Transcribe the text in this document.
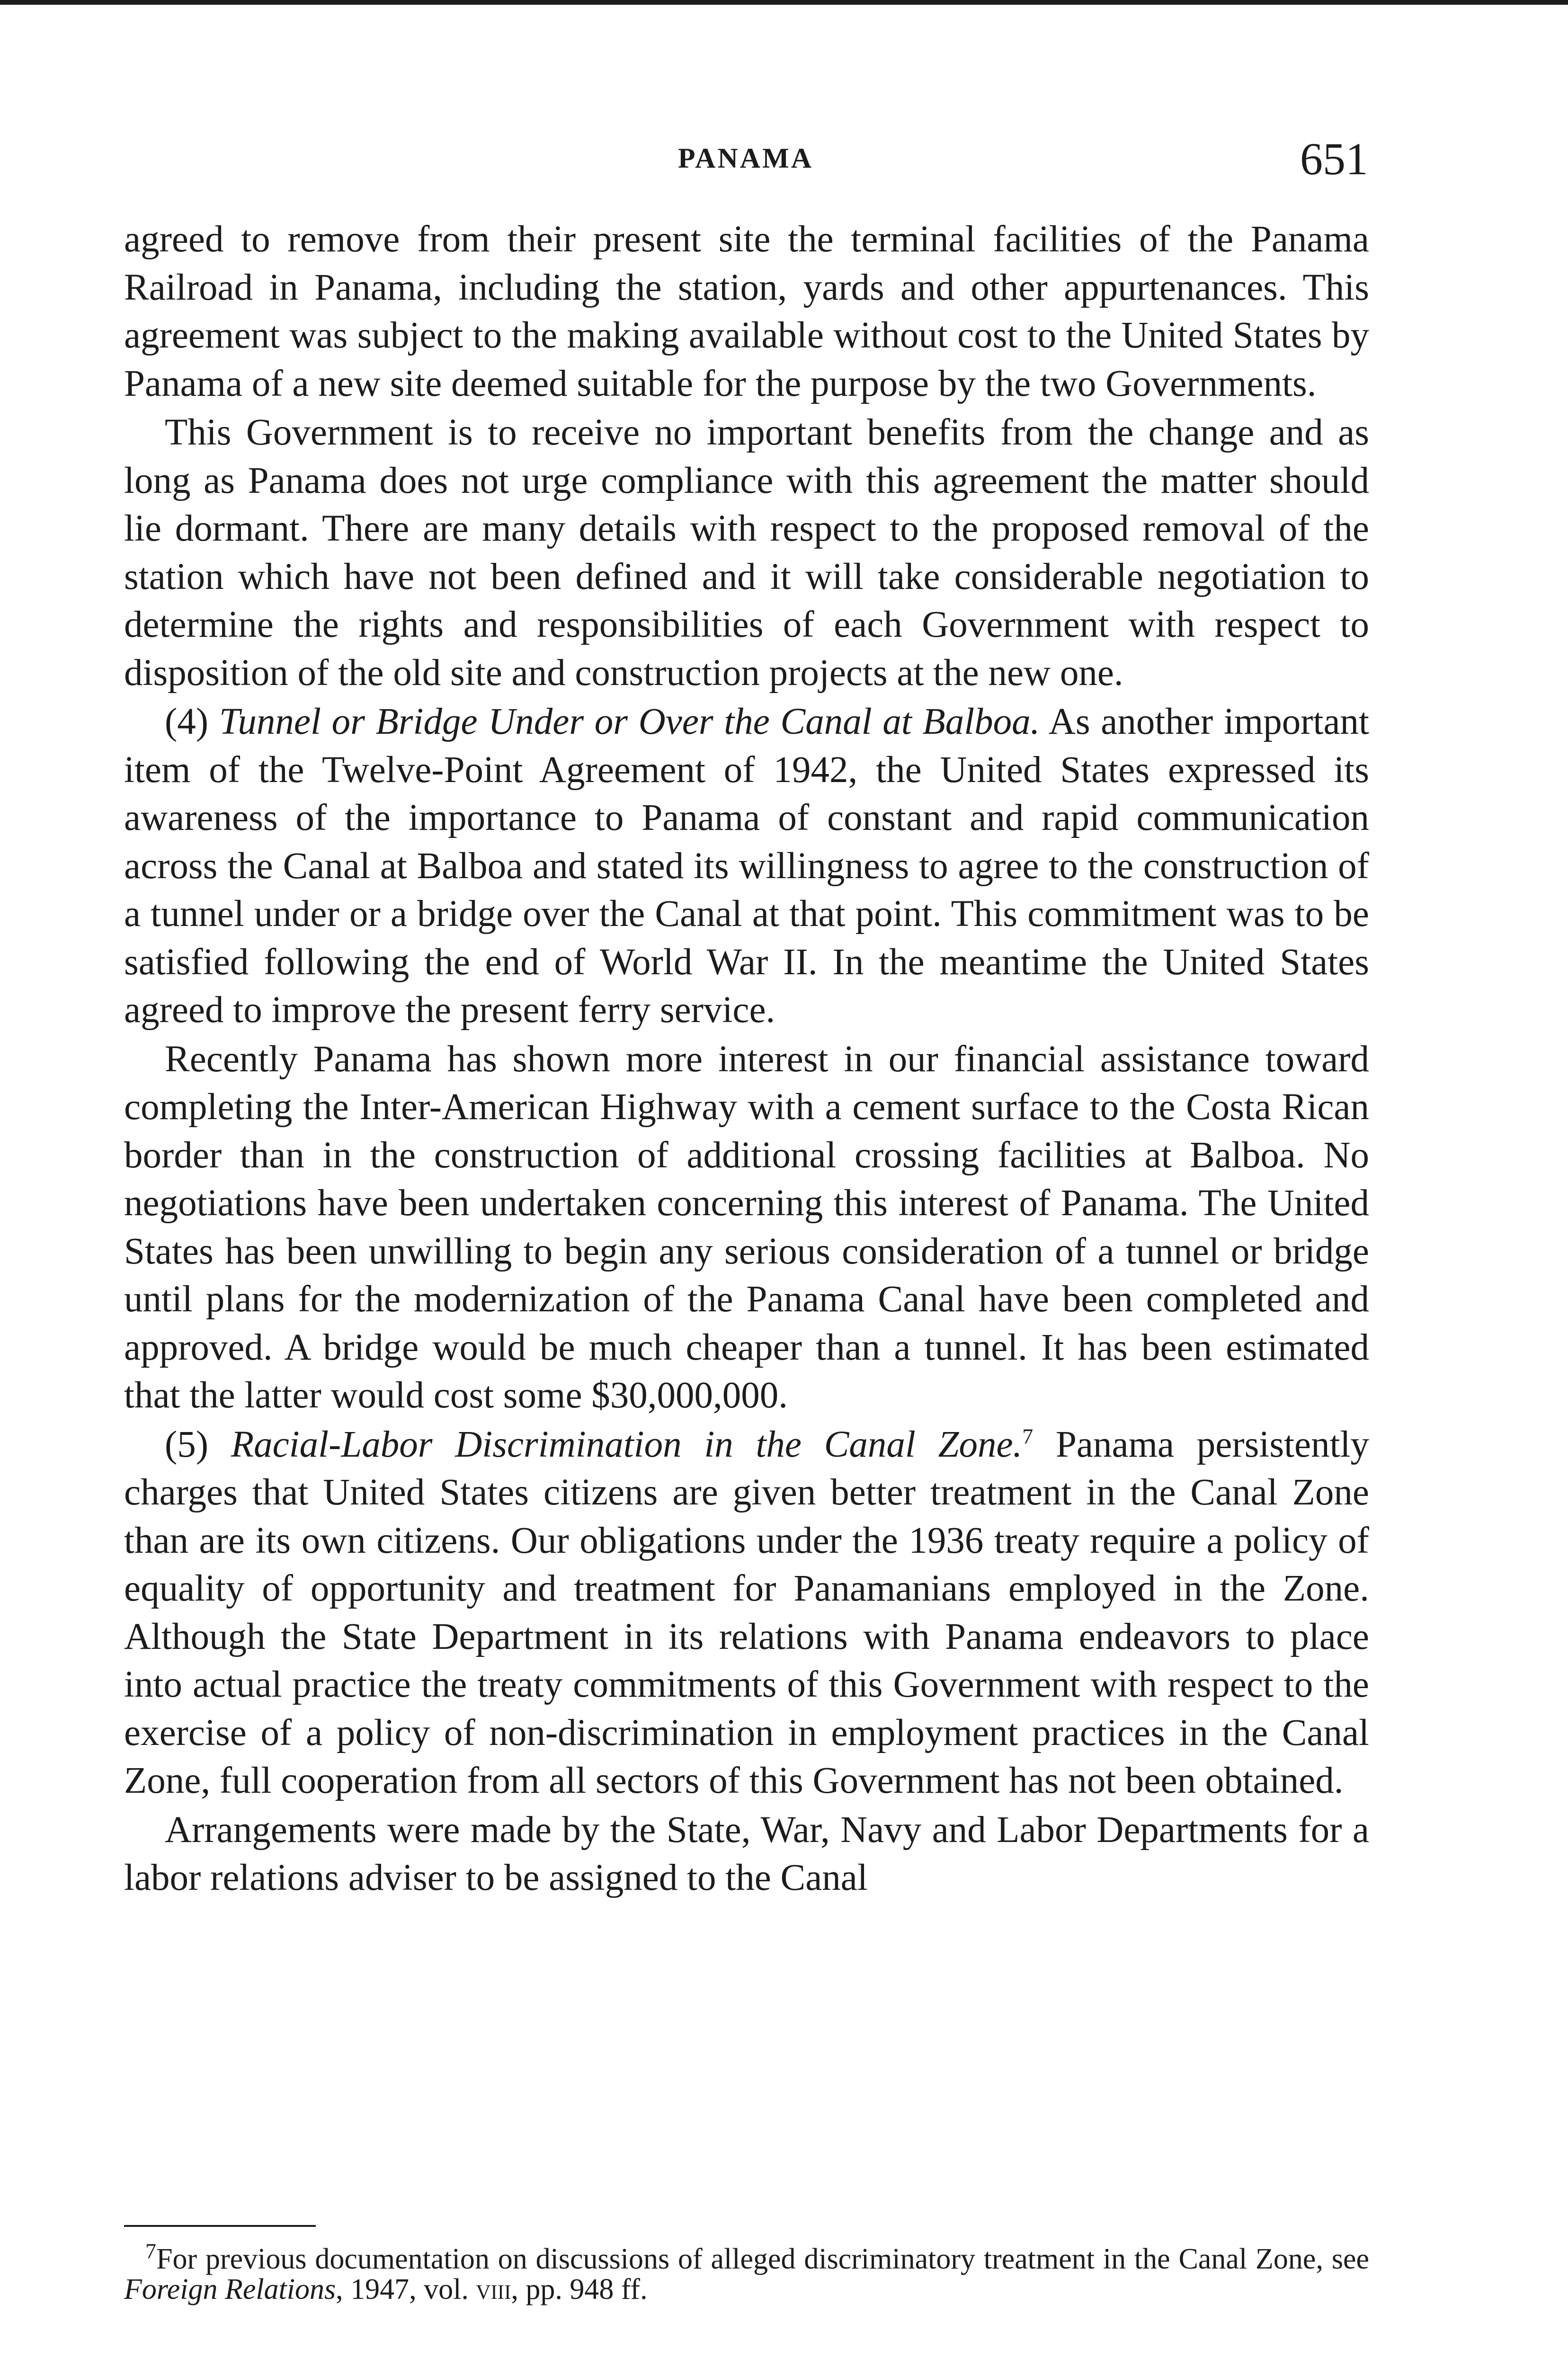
PANAMA	651

agreed to remove from their present site the terminal facilities of the Panama Railroad in Panama, including the station, yards and other appurtenances. This agreement was subject to the making available without cost to the United States by Panama of a new site deemed suitable for the purpose by the two Governments.

This Government is to receive no important benefits from the change and as long as Panama does not urge compliance with this agreement the matter should lie dormant. There are many details with respect to the proposed removal of the station which have not been defined and it will take considerable negotiation to determine the rights and responsibilities of each Government with respect to disposition of the old site and construction projects at the new one.

(4) Tunnel or Bridge Under or Over the Canal at Balboa. As another important item of the Twelve-Point Agreement of 1942, the United States expressed its awareness of the importance to Panama of constant and rapid communication across the Canal at Balboa and stated its willingness to agree to the construction of a tunnel under or a bridge over the Canal at that point. This commitment was to be satisfied following the end of World War II. In the meantime the United States agreed to improve the present ferry service.

Recently Panama has shown more interest in our financial assistance toward completing the Inter-American Highway with a cement surface to the Costa Rican border than in the construction of additional crossing facilities at Balboa. No negotiations have been undertaken concerning this interest of Panama. The United States has been unwilling to begin any serious consideration of a tunnel or bridge until plans for the modernization of the Panama Canal have been completed and approved. A bridge would be much cheaper than a tunnel. It has been estimated that the latter would cost some $30,000,000.

(5) Racial-Labor Discrimination in the Canal Zone.$^7$ Panama persistently charges that United States citizens are given better treatment in the Canal Zone than are its own citizens. Our obligations under the 1936 treaty require a policy of equality of opportunity and treatment for Panamanians employed in the Zone. Although the State Department in its relations with Panama endeavors to place into actual practice the treaty commitments of this Government with respect to the exercise of a policy of non-discrimination in employment practices in the Canal Zone, full cooperation from all sectors of this Government has not been obtained.

Arrangements were made by the State, War, Navy and Labor Departments for a labor relations adviser to be assigned to the Canal

$^7$For previous documentation on discussions of alleged discriminatory treatment in the Canal Zone, see Foreign Relations, 1947, vol. viii, pp. 948 ff.
